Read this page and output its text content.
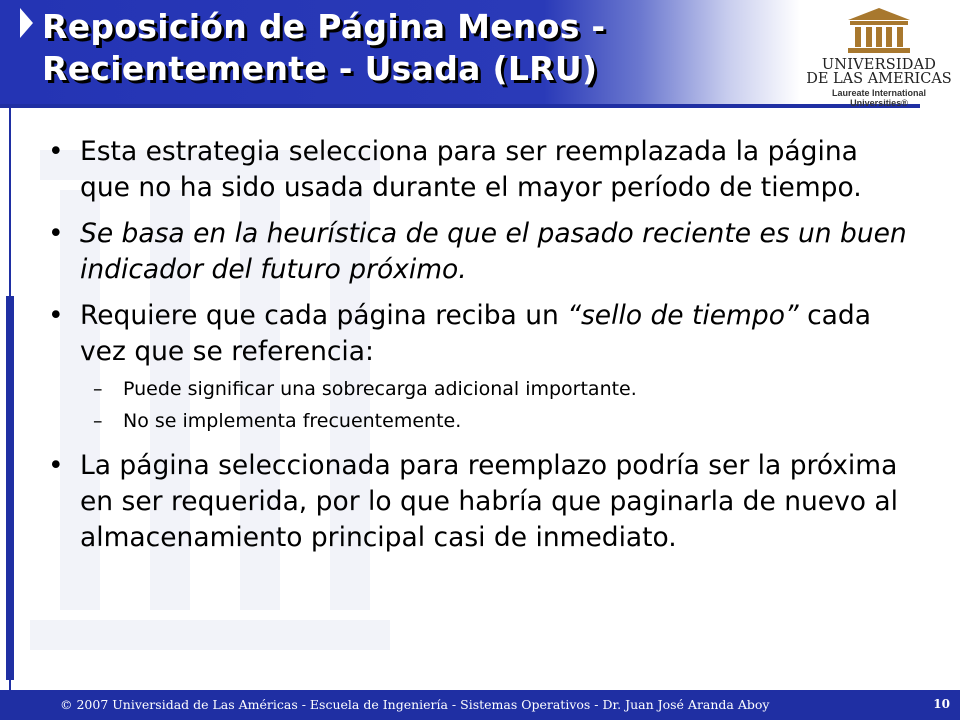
Reposición de Página Menos -
Recientemente - Usada (LRU)	UNIVERSIDAD
DE LAS AMERICAS
Laureate International Universities®
• Esta estrategia selecciona para ser reemplazada la página que no ha sido usada durante el mayor período de tiempo.
• Se basa en la heurística de que el pasado reciente es un buen indicador del futuro próximo.
• Requiere que cada página reciba un “sello de tiempo” cada vez que se referencia:
– Puede significar una sobrecarga adicional importante.
– No se implementa frecuentemente.
• La página seleccionada para reemplazo podría ser la próxima en ser requerida, por lo que habría que paginarla de nuevo al almacenamiento principal casi de inmediato.
© 2007 Universidad de Las Américas - Escuela de Ingeniería - Sistemas Operativos - Dr. Juan José Aranda Aboy	10
